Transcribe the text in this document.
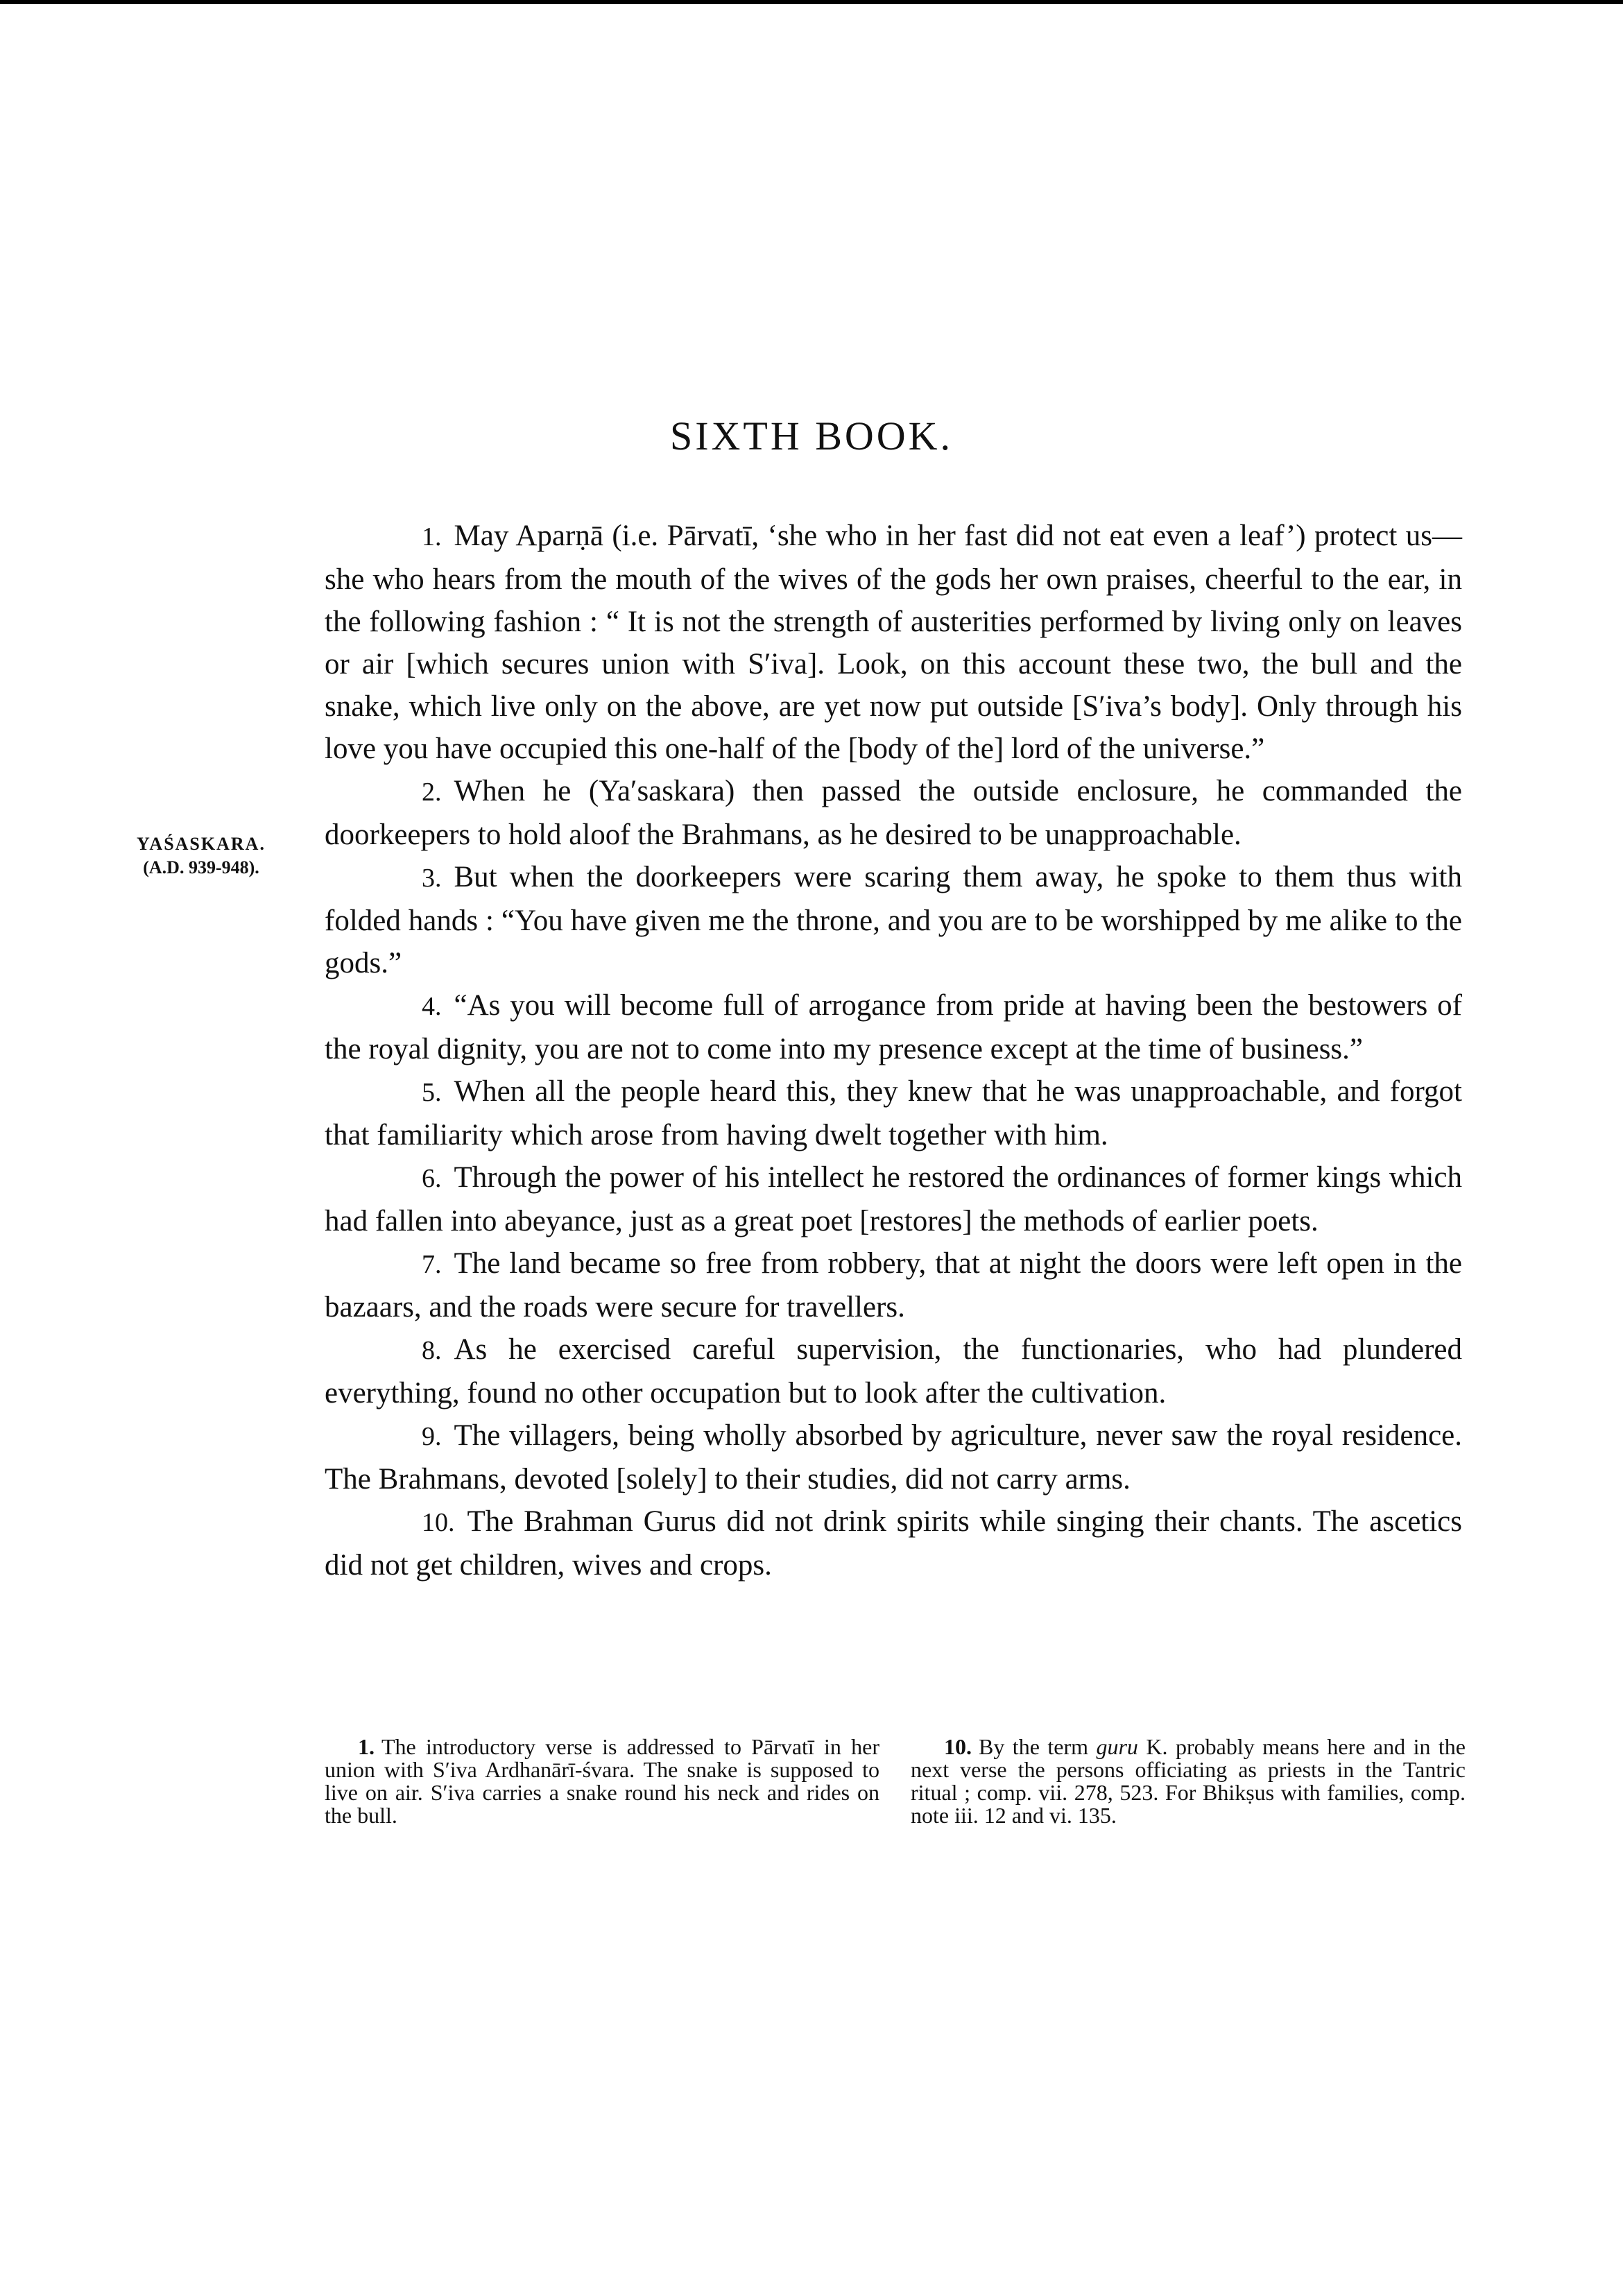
SIXTH BOOK.
YAŚASKARA.
(A.D. 939-948).

1. May Aparṇā (i.e. Pārvatī, ‘she who in her fast did not eat even a leaf’) protect us—she who hears from the mouth of the wives of the gods her own praises, cheerful to the ear, in the following fashion : “ It is not the strength of austerities performed by living only on leaves or air [which secures union with S′iva]. Look, on this account these two, the bull and the snake, which live only on the above, are yet now put outside [S′iva’s body]. Only through his love you have occupied this one-half of the [body of the] lord of the universe.”

2. When he (Ya′saskara) then passed the outside enclosure, he commanded the doorkeepers to hold aloof the Brahmans, as he desired to be unapproachable.

3. But when the doorkeepers were scaring them away, he spoke to them thus with folded hands : “You have given me the throne, and you are to be worshipped by me alike to the gods.”

4. “As you will become full of arrogance from pride at having been the bestowers of the royal dignity, you are not to come into my presence except at the time of business.”

5. When all the people heard this, they knew that he was unapproachable, and forgot that familiarity which arose from having dwelt together with him.

6. Through the power of his intellect he restored the ordinances of former kings which had fallen into abeyance, just as a great poet [restores] the methods of earlier poets.

7. The land became so free from robbery, that at night the doors were left open in the bazaars, and the roads were secure for travellers.

8. As he exercised careful supervision, the functionaries, who had plundered everything, found no other occupation but to look after the cultivation.

9. The villagers, being wholly absorbed by agriculture, never saw the royal residence. The Brahmans, devoted [solely] to their studies, did not carry arms.

10. The Brahman Gurus did not drink spirits while singing their chants. The ascetics did not get children, wives and crops.

1. The introductory verse is addressed to Pārvatī in her union with S′iva Ardhanārī-śvara. The snake is supposed to live on air. S′iva carries a snake round his neck and rides on the bull.

10. By the term guru K. probably means here and in the next verse the persons officiating as priests in the Tantric ritual ; comp. vii. 278, 523. For Bhikṣus with families, comp. note iii. 12 and vi. 135.
